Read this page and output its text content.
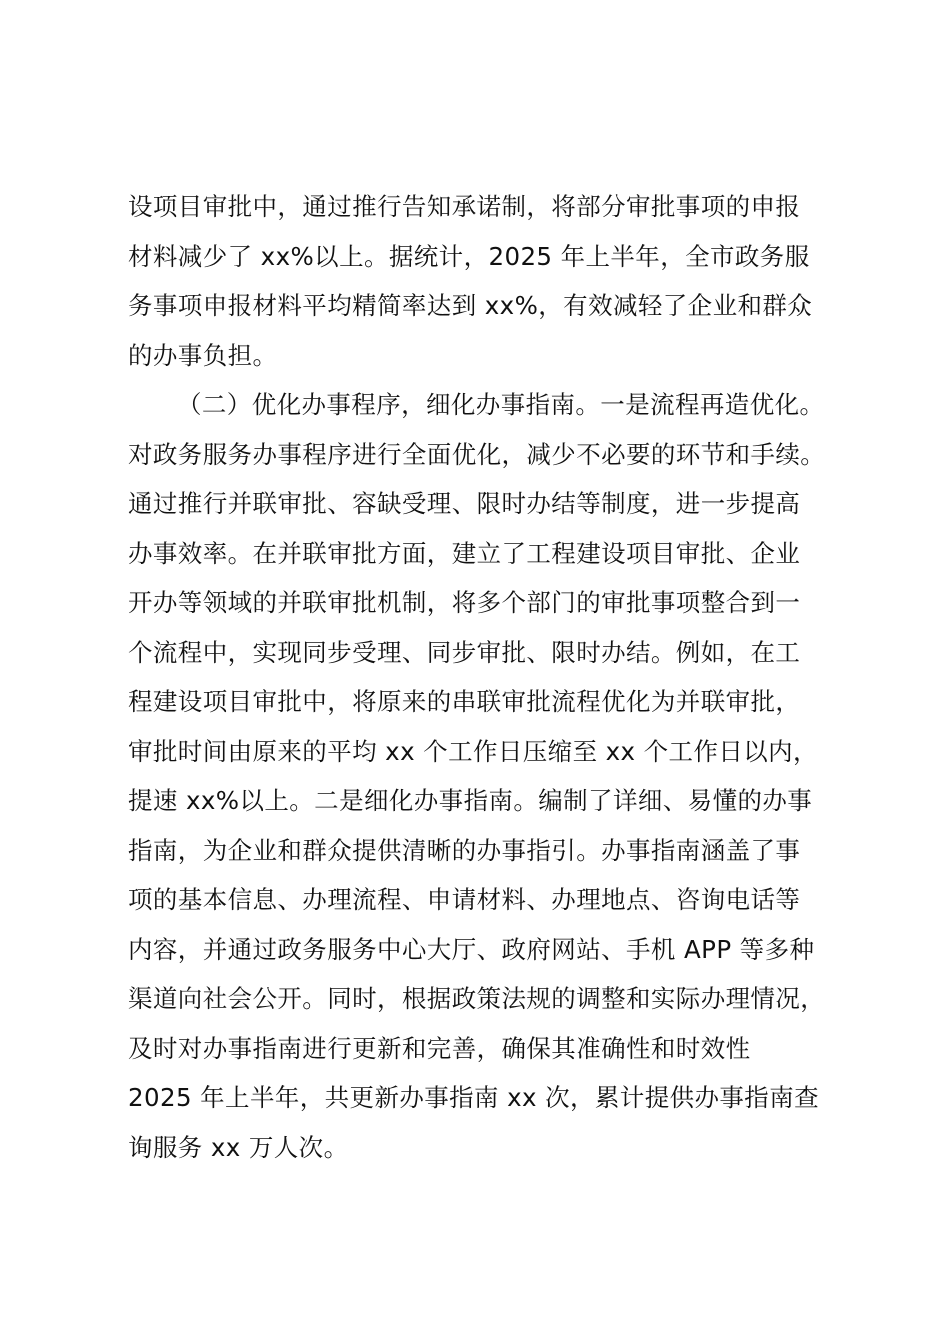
设项目审批中，通过推行告知承诺制，将部分审批事项的申报
材料减少了 xx%以上。据统计，2025 年上半年，全市政务服
务事项申报材料平均精简率达到 xx%，有效减轻了企业和群众
的办事负担。
（二）优化办事程序，细化办事指南。一是流程再造优化。
对政务服务办事程序进行全面优化，减少不必要的环节和手续。
通过推行并联审批、容缺受理、限时办结等制度，进一步提高
办事效率。在并联审批方面，建立了工程建设项目审批、企业
开办等领域的并联审批机制，将多个部门的审批事项整合到一
个流程中，实现同步受理、同步审批、限时办结。例如，在工
程建设项目审批中，将原来的串联审批流程优化为并联审批，
审批时间由原来的平均 xx 个工作日压缩至 xx 个工作日以内，
提速 xx%以上。二是细化办事指南。编制了详细、易懂的办事
指南，为企业和群众提供清晰的办事指引。办事指南涵盖了事
项的基本信息、办理流程、申请材料、办理地点、咨询电话等
内容，并通过政务服务中心大厅、政府网站、手机 APP 等多种
渠道向社会公开。同时，根据政策法规的调整和实际办理情况，
及时对办事指南进行更新和完善，确保其准确性和时效性
2025 年上半年，共更新办事指南 xx 次，累计提供办事指南查
询服务 xx 万人次。
